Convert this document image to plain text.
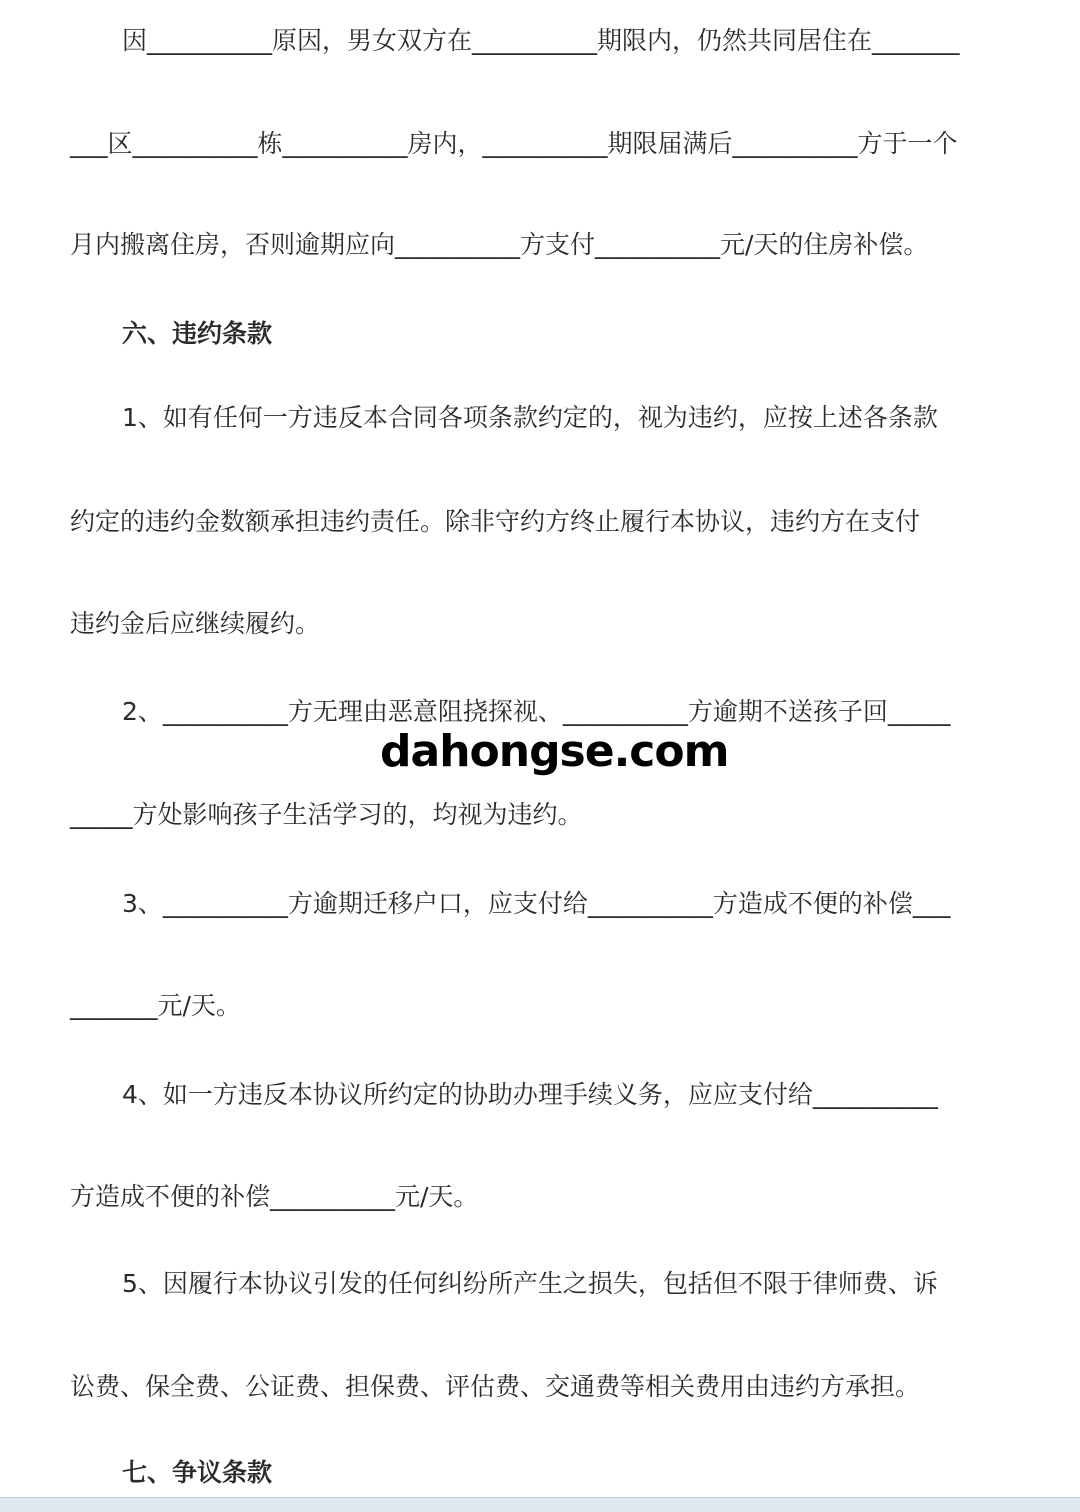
因__________原因，男女双方在__________期限内，仍然共同居住在_______
___区__________栋__________房内，__________期限届满后__________方于一个
月内搬离住房，否则逾期应向__________方支付__________元/天的住房补偿。
六、违约条款
1、如有任何一方违反本合同各项条款约定的，视为违约，应按上述各条款
约定的违约金数额承担违约责任。除非守约方终止履行本协议，违约方在支付
违约金后应继续履约。
2、__________方无理由恶意阻挠探视、__________方逾期不送孩子回_____
_____方处影响孩子生活学习的，均视为违约。
3、__________方逾期迁移户口，应支付给__________方造成不便的补偿___
_______元/天。
4、如一方违反本协议所约定的协助办理手续义务，应应支付给__________
方造成不便的补偿__________元/天。
5、因履行本协议引发的任何纠纷所产生之损失，包括但不限于律师费、诉
讼费、保全费、公证费、担保费、评估费、交通费等相关费用由违约方承担。
七、争议条款
dahongse.com
